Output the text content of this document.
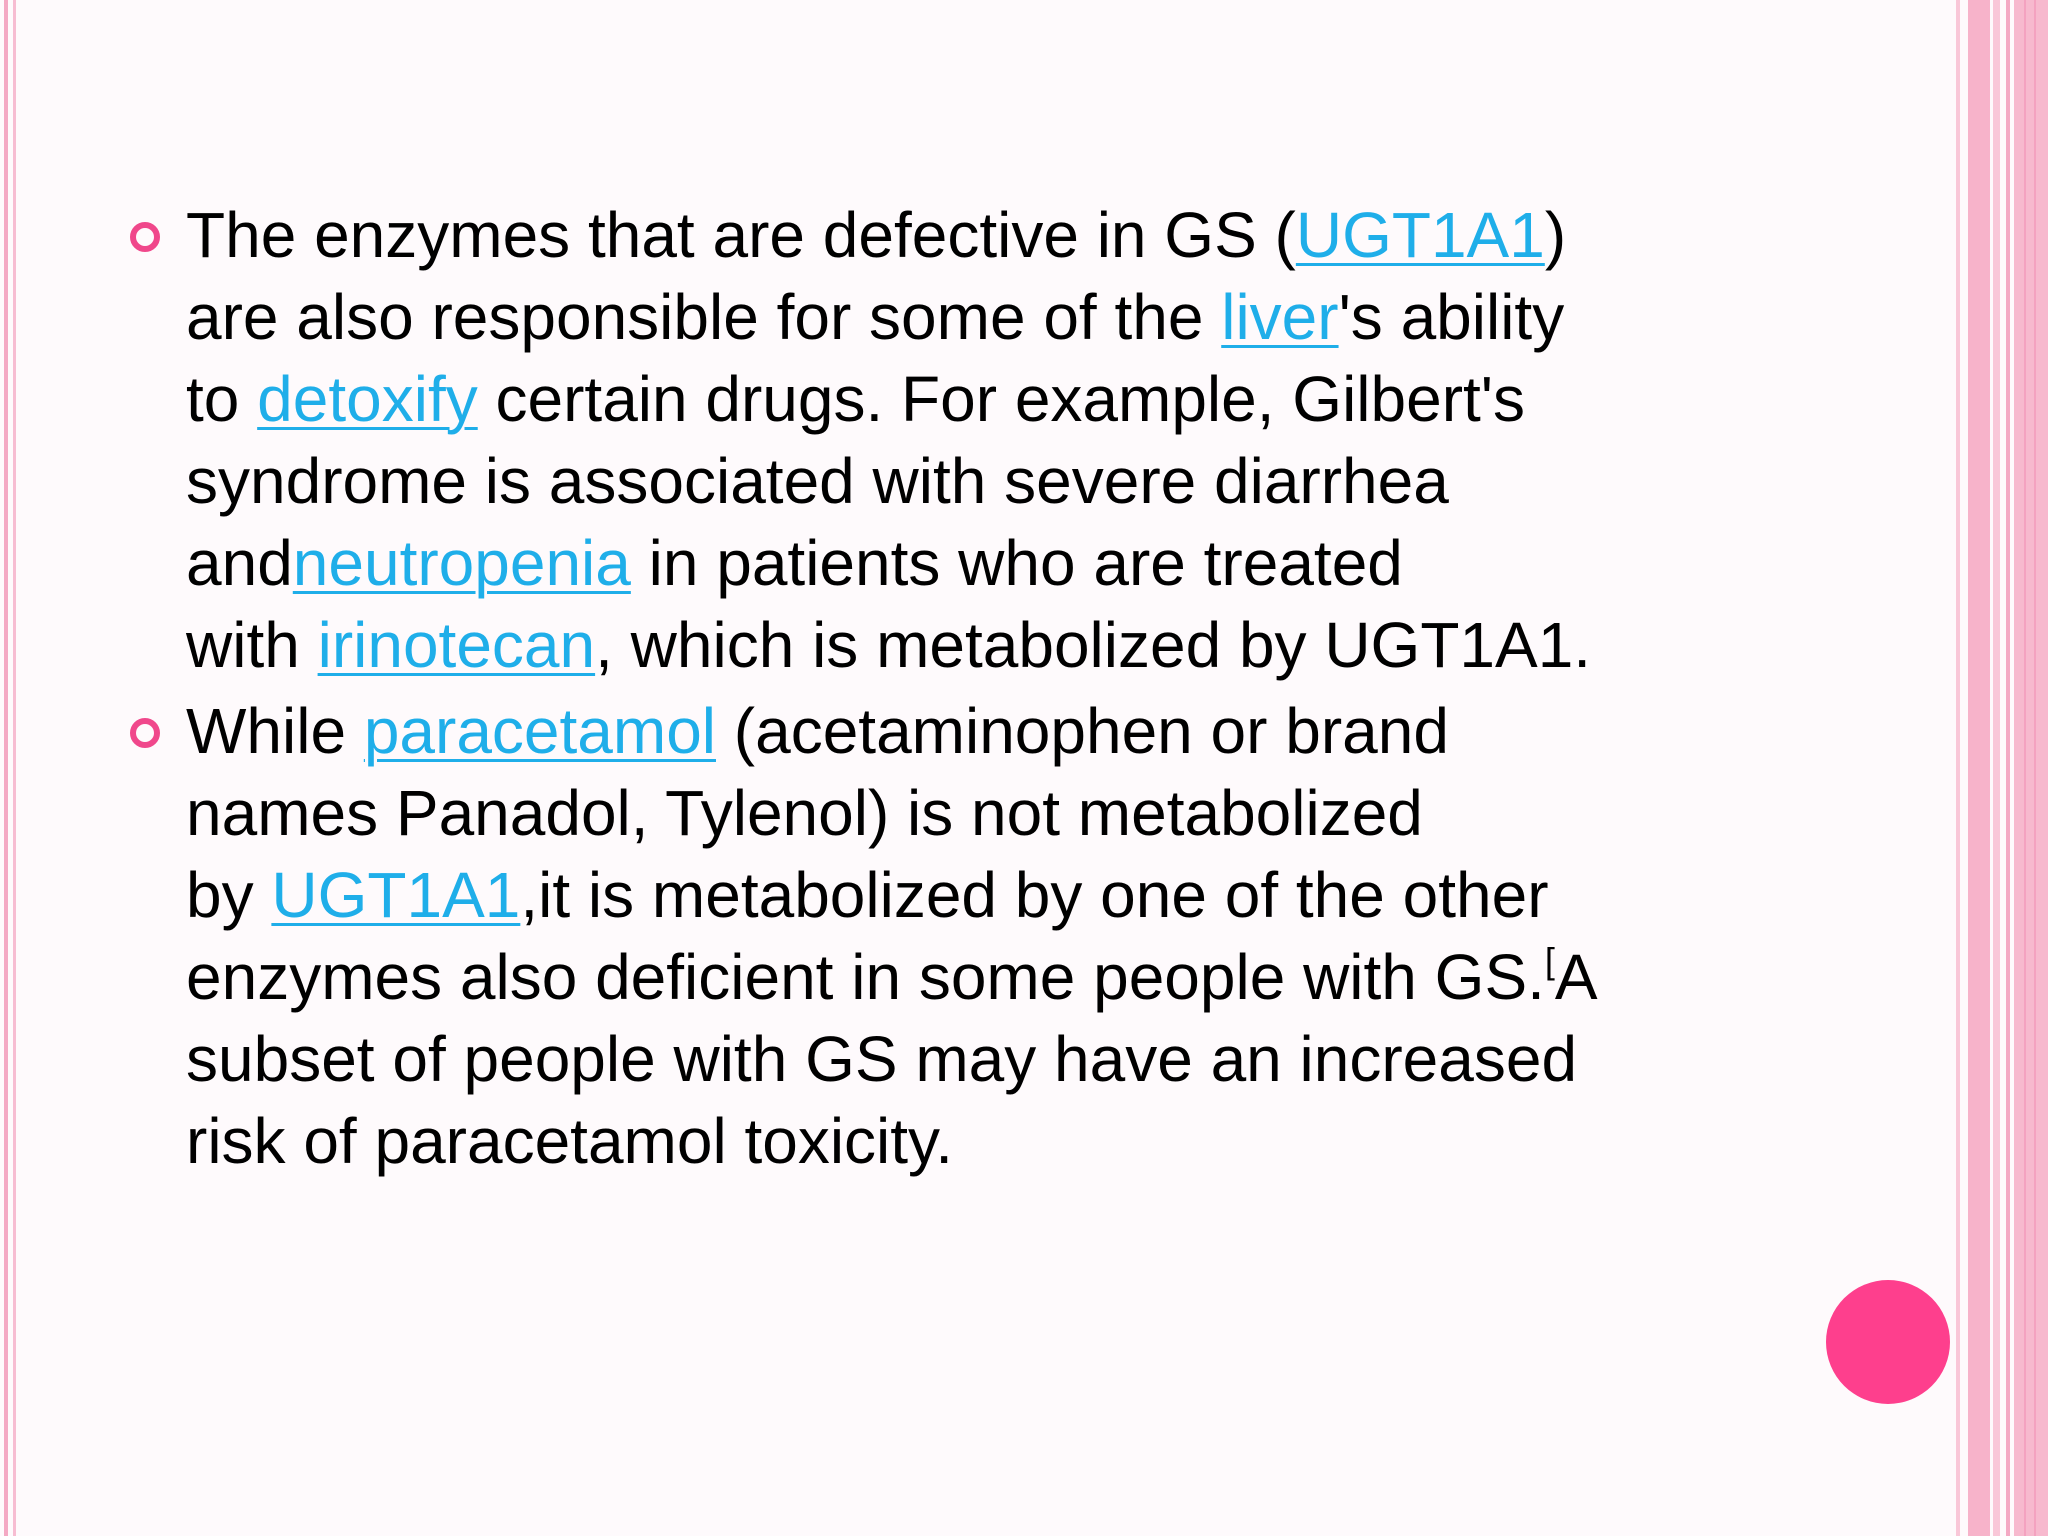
The enzymes that are defective in GS (UGT1A1)
are also responsible for some of the liver's ability
to detoxify certain drugs. For example, Gilbert's
syndrome is associated with severe diarrhea
andneutropenia in patients who are treated
with irinotecan, which is metabolized by UGT1A1.
While paracetamol (acetaminophen or brand
names Panadol, Tylenol) is not metabolized
by UGT1A1,it is metabolized by one of the other
enzymes also deficient in some people with GS.[A
subset of people with GS may have an increased
risk of paracetamol toxicity.
